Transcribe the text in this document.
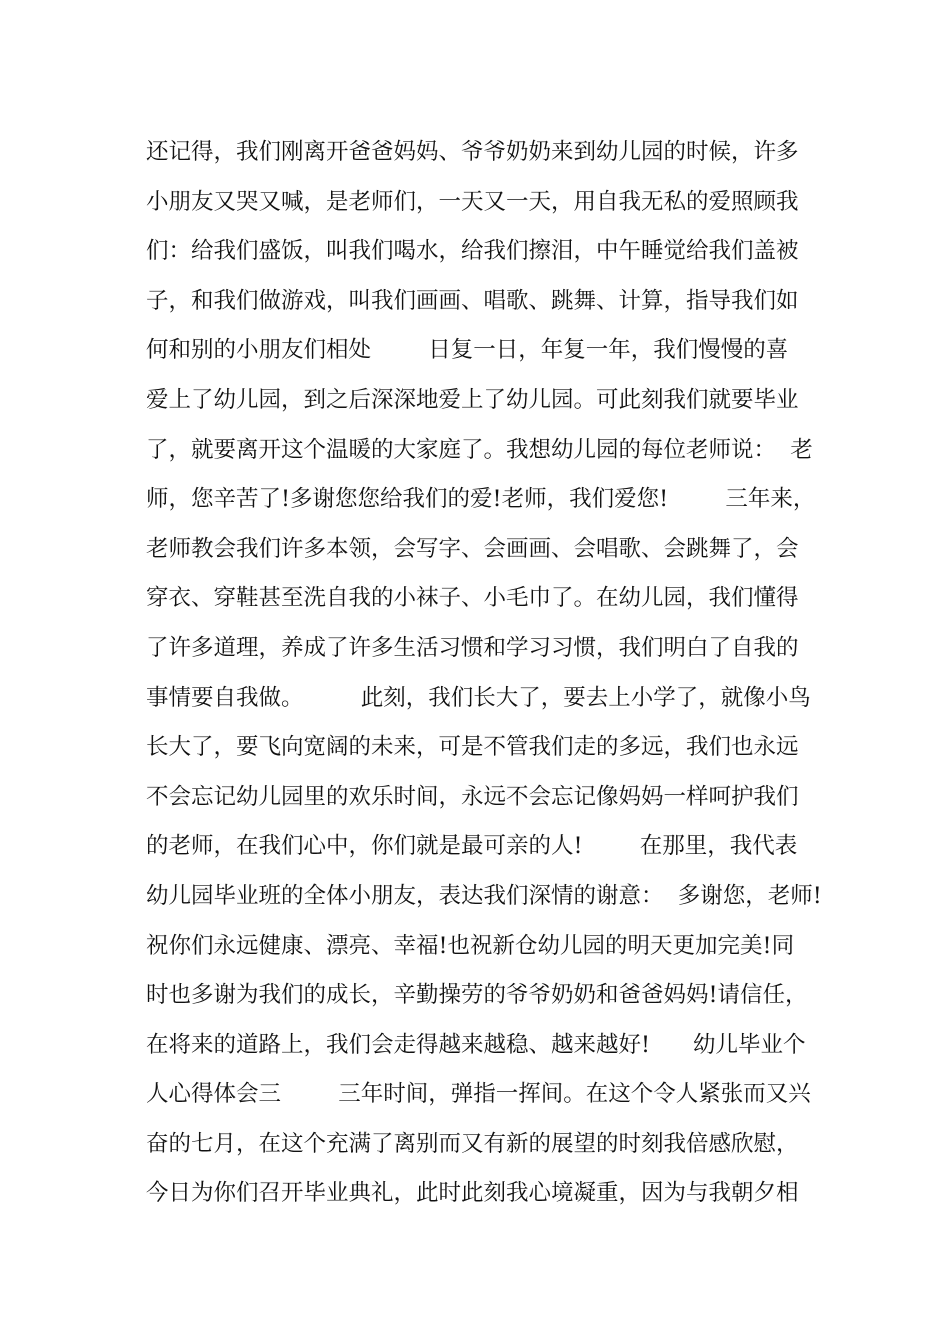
还记得，我们刚离开爸爸妈妈、爷爷奶奶来到幼儿园的时候，许多
小朋友又哭又喊，是老师们，一天又一天，用自我无私的爱照顾我
们：给我们盛饭，叫我们喝水，给我们擦泪，中午睡觉给我们盖被
子，和我们做游戏，叫我们画画、唱歌、跳舞、计算，指导我们如
何和别的小朋友们相处        日复一日，年复一年，我们慢慢的喜
爱上了幼儿园，到之后深深地爱上了幼儿园。可此刻我们就要毕业
了，就要离开这个温暖的大家庭了。我想幼儿园的每位老师说：  老
师，您辛苦了!多谢您您给我们的爱!老师，我们爱您!        三年来，
老师教会我们许多本领，会写字、会画画、会唱歌、会跳舞了，会
穿衣、穿鞋甚至洗自我的小袜子、小毛巾了。在幼儿园，我们懂得
了许多道理，养成了许多生活习惯和学习习惯，我们明白了自我的
事情要自我做。        此刻，我们长大了，要去上小学了，就像小鸟
长大了，要飞向宽阔的未来，可是不管我们走的多远，我们也永远
不会忘记幼儿园里的欢乐时间，永远不会忘记像妈妈一样呵护我们
的老师，在我们心中，你们就是最可亲的人!        在那里，我代表
幼儿园毕业班的全体小朋友，表达我们深情的谢意：  多谢您，老师!
祝你们永远健康、漂亮、幸福!也祝新仓幼儿园的明天更加完美!同
时也多谢为我们的成长，辛勤操劳的爷爷奶奶和爸爸妈妈!请信任，
在将来的道路上，我们会走得越来越稳、越来越好!      幼儿毕业个
人心得体会三        三年时间，弹指一挥间。在这个令人紧张而又兴
奋的七月，在这个充满了离别而又有新的展望的时刻我倍感欣慰，
今日为你们召开毕业典礼，此时此刻我心境凝重，因为与我朝夕相
